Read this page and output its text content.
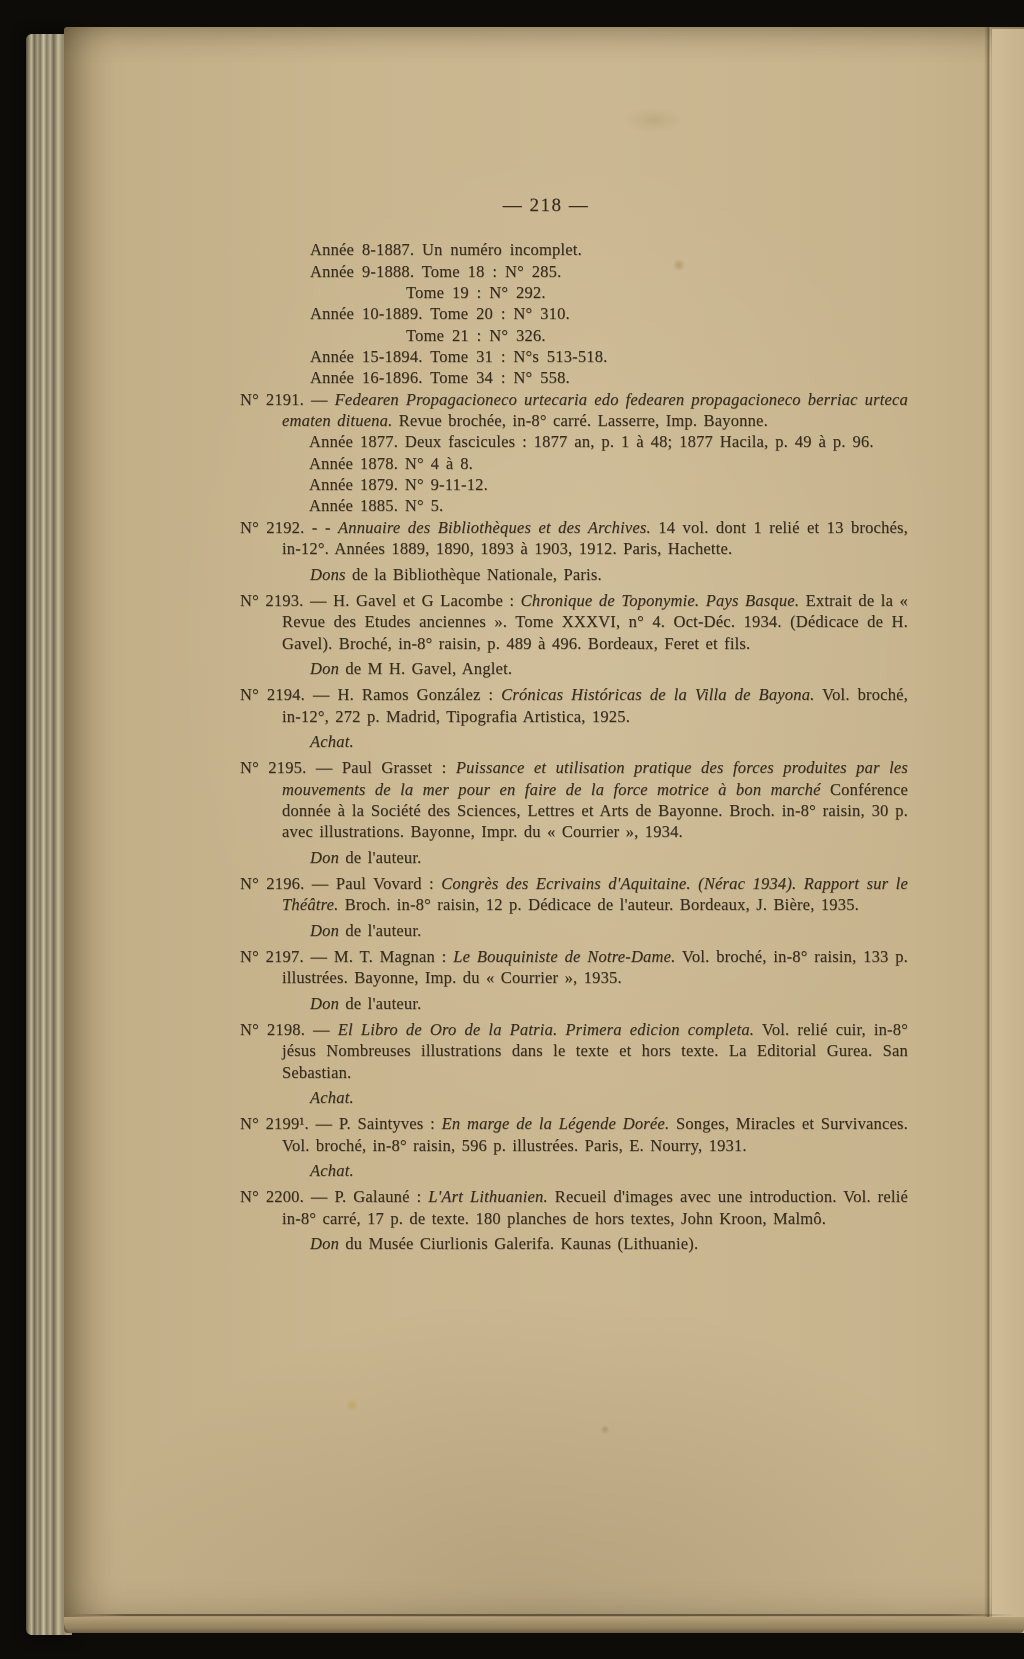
— 218 —

Année 8-1887. Un numéro incomplet.

Année 9-1888. Tome 18 : N° 285.

Tome 19 : N° 292.

Année 10-1889. Tome 20 : N° 310.

Tome 21 : N° 326.

Année 15-1894. Tome 31 : N°s 513-518.

Année 16-1896. Tome 34 : N° 558.

N° 2191. — Fedearen Propagacioneco urtecaria edo fedearen propagacioneco berriac urteca ematen dituena. Revue brochée, in-8° carré. Lasserre, Imp. Bayonne.

Année 1877. Deux fascicules : 1877 an, p. 1 à 48; 1877 Hacila, p. 49 à p. 96.

Année 1878. N° 4 à 8.

Année 1879. N° 9-11-12.

Année 1885. N° 5.

N° 2192. - - Annuaire des Bibliothèques et des Archives. 14 vol. dont 1 relié et 13 brochés, in-12°. Années 1889, 1890, 1893 à 1903, 1912. Paris, Hachette.

Dons de la Bibliothèque Nationale, Paris.

N° 2193. — H. Gavel et G Lacombe : Chronique de Toponymie. Pays Basque. Extrait de la « Revue des Etudes anciennes ». Tome XXXVI, n° 4. Oct-Déc. 1934. (Dédicace de H. Gavel). Broché, in-8° raisin, p. 489 à 496. Bordeaux, Feret et fils.

Don de M H. Gavel, Anglet.

N° 2194. — H. Ramos González : Crónicas Históricas de la Villa de Bayona. Vol. broché, in-12°, 272 p. Madrid, Tipografia Artistica, 1925.

Achat.

N° 2195. — Paul Grasset : Puissance et utilisation pratique des forces produites par les mouvements de la mer pour en faire de la force motrice à bon marché Conférence donnée à la Société des Sciences, Lettres et Arts de Bayonne. Broch. in-8° raisin, 30 p. avec illustrations. Bayonne, Impr. du « Courrier », 1934.

Don de l'auteur.

N° 2196. — Paul Vovard : Congrès des Ecrivains d'Aquitaine. (Nérac 1934). Rapport sur le Théâtre. Broch. in-8° raisin, 12 p. Dédicace de l'auteur. Bordeaux, J. Bière, 1935.

Don de l'auteur.

N° 2197. — M. T. Magnan : Le Bouquiniste de Notre-Dame. Vol. broché, in-8° raisin, 133 p. illustrées. Bayonne, Imp. du « Courrier », 1935.

Don de l'auteur.

N° 2198. — El Libro de Oro de la Patria. Primera edicion completa. Vol. relié cuir, in-8° jésus Nombreuses illustrations dans le texte et hors texte. La Editorial Gurea. San Sebastian.

Achat.

N° 2199¹. — P. Saintyves : En marge de la Légende Dorée. Songes, Miracles et Survivances. Vol. broché, in-8° raisin, 596 p. illustrées. Paris, E. Nourry, 1931.

Achat.

N° 2200. — P. Galauné : L'Art Lithuanien. Recueil d'images avec une introduction. Vol. relié in-8° carré, 17 p. de texte. 180 planches de hors textes, John Kroon, Malmô.

Don du Musée Ciurlionis Galerifa. Kaunas (Lithuanie).
